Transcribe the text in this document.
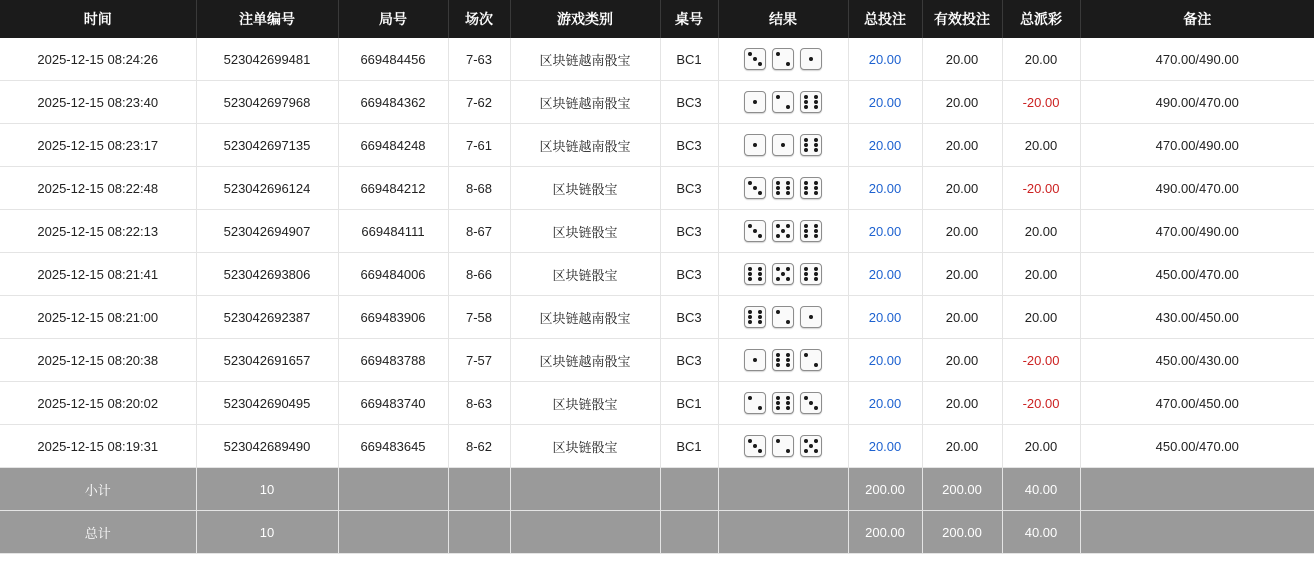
时间	注单编号	局号	场次	游戏类别	桌号	结果	总投注	有效投注	总派彩	备注
2025-12-15 08:24:26	523042699481	669484456	7-63	区块链越南骰宝	BC1		20.00	20.00	20.00	470.00/490.00
2025-12-15 08:23:40	523042697968	669484362	7-62	区块链越南骰宝	BC3		20.00	20.00	-20.00	490.00/470.00
2025-12-15 08:23:17	523042697135	669484248	7-61	区块链越南骰宝	BC3		20.00	20.00	20.00	470.00/490.00
2025-12-15 08:22:48	523042696124	669484212	8-68	区块链骰宝	BC3		20.00	20.00	-20.00	490.00/470.00
2025-12-15 08:22:13	523042694907	669484111	8-67	区块链骰宝	BC3		20.00	20.00	20.00	470.00/490.00
2025-12-15 08:21:41	523042693806	669484006	8-66	区块链骰宝	BC3		20.00	20.00	20.00	450.00/470.00
2025-12-15 08:21:00	523042692387	669483906	7-58	区块链越南骰宝	BC3		20.00	20.00	20.00	430.00/450.00
2025-12-15 08:20:38	523042691657	669483788	7-57	区块链越南骰宝	BC3		20.00	20.00	-20.00	450.00/430.00
2025-12-15 08:20:02	523042690495	669483740	8-63	区块链骰宝	BC1		20.00	20.00	-20.00	470.00/450.00
2025-12-15 08:19:31	523042689490	669483645	8-62	区块链骰宝	BC1		20.00	20.00	20.00	450.00/470.00
小计	10						200.00	200.00	40.00	
总计	10						200.00	200.00	40.00	
